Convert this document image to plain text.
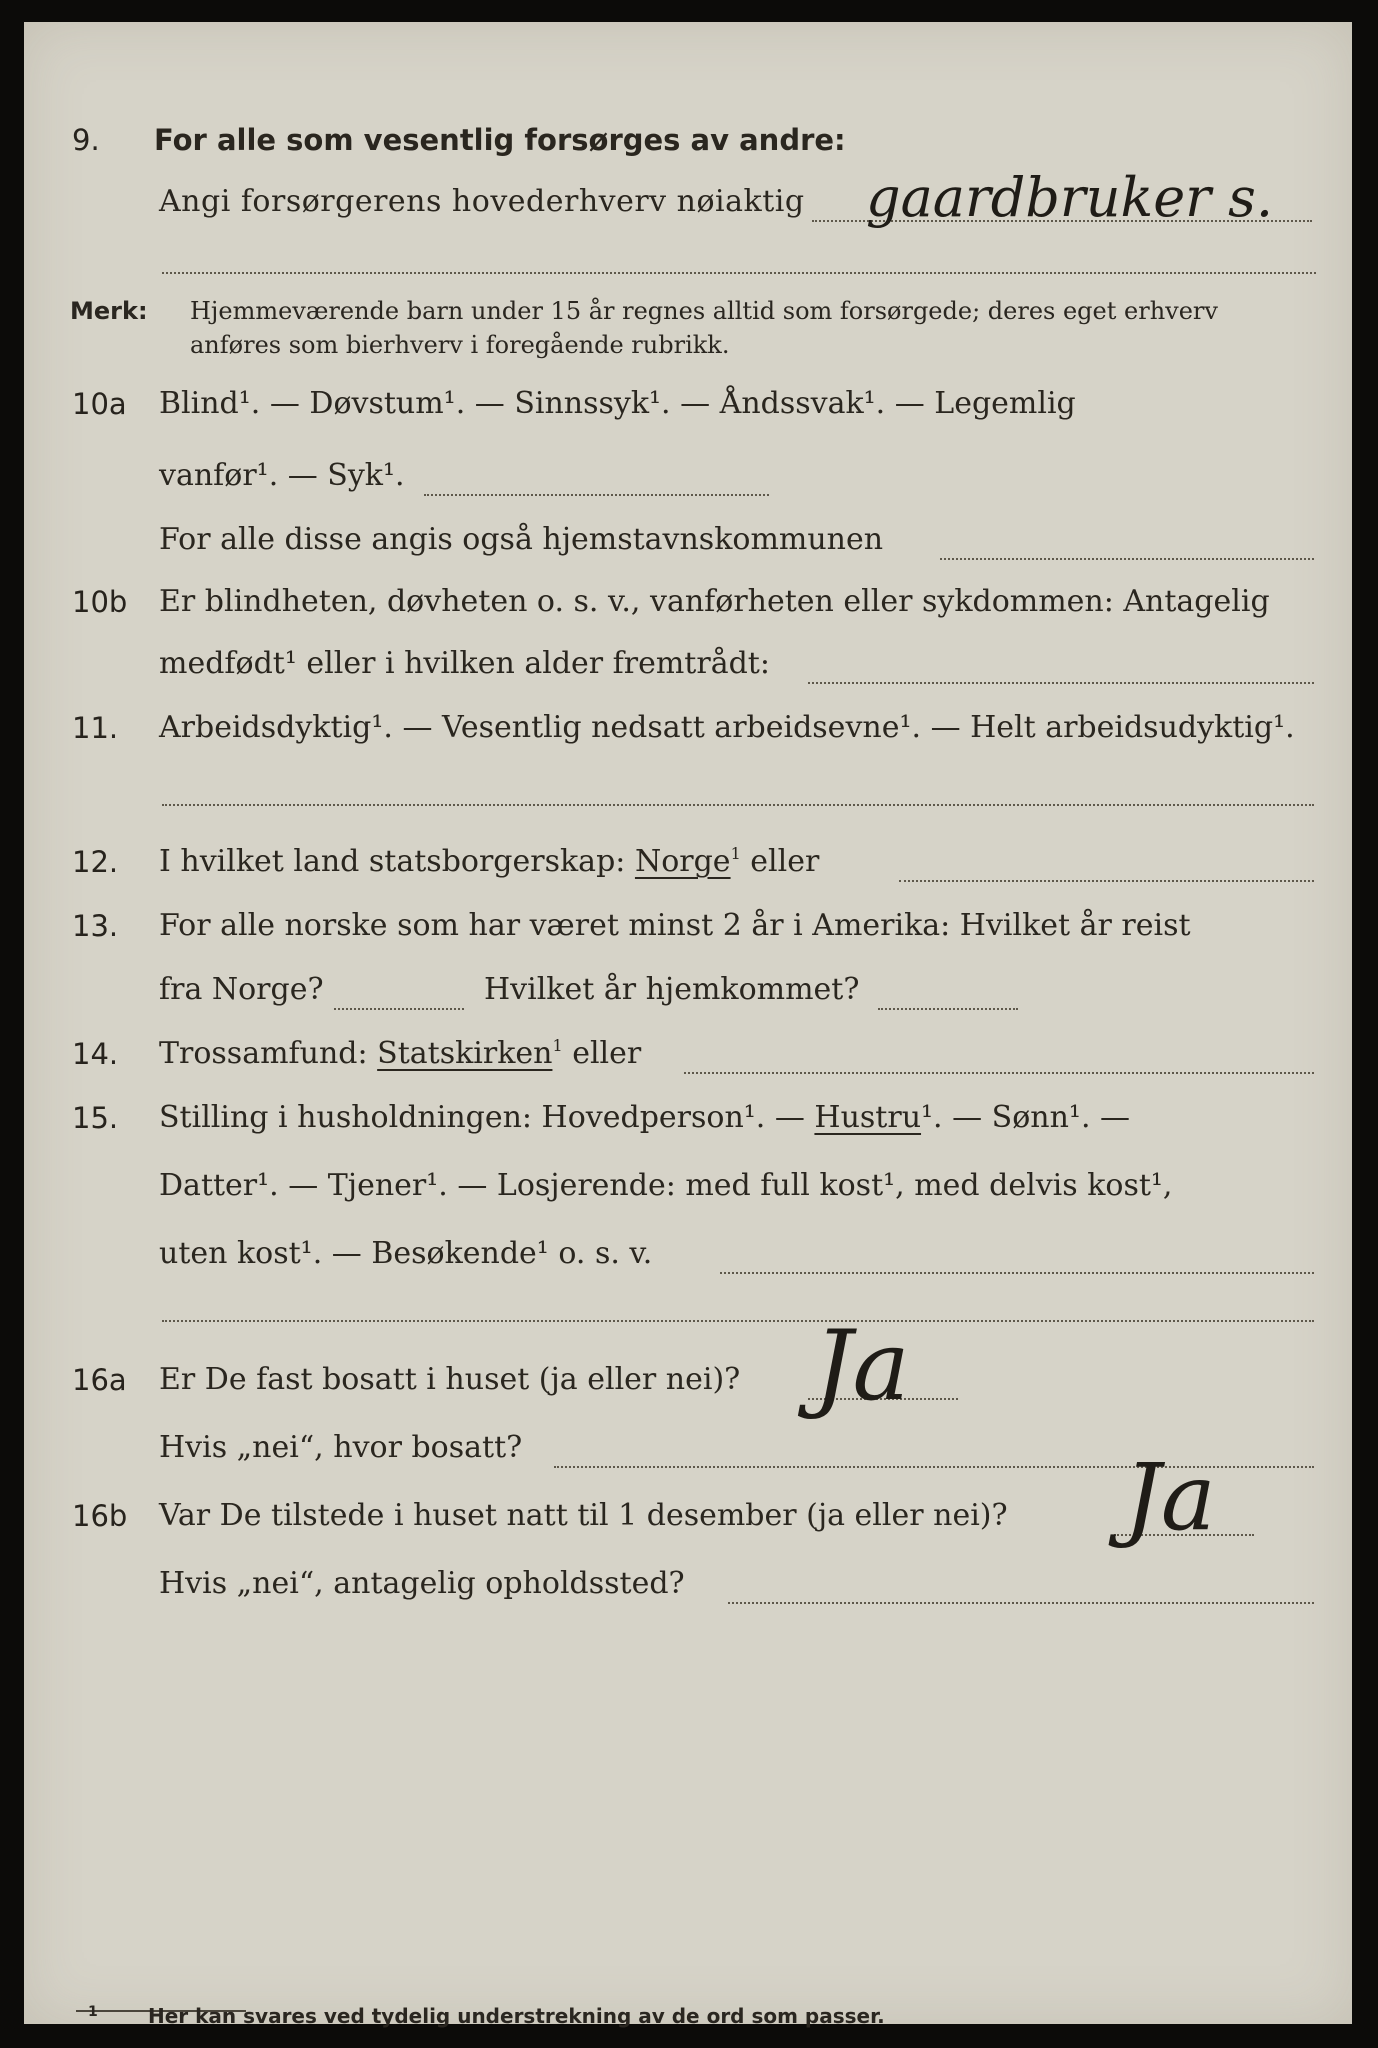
9. For alle som vesentlig forsørges av andre:
Angi forsørgerens hovederhverv nøiaktig gaardbruker s.
Merk: Hjemmeværende barn under 15 år regnes alltid som forsørgede; deres eget erhverv
anføres som bierhverv i foregående rubrikk.
10a Blind¹. — Døvstum¹. — Sinnssyk¹. — Åndssvak¹. — Legemlig
vanfør¹. — Syk¹.
For alle disse angis også hjemstavnskommunen
10b Er blindheten, døvheten o. s. v., vanførheten eller sykdommen: Antagelig
medfødt¹ eller i hvilken alder fremtrådt:
11. Arbeidsdyktig¹. — Vesentlig nedsatt arbeidsevne¹. — Helt arbeidsudyktig¹.
12. I hvilket land statsborgerskap: Norge$^1$ eller
13. For alle norske som har været minst 2 år i Amerika: Hvilket år reist
fra Norge?	Hvilket år hjemkommet?
14. Trossamfund: Statskirken$^1$ eller
15. Stilling i husholdningen: Hovedperson¹. — Hustru¹. — Sønn¹. —
Datter¹. — Tjener¹. — Losjerende: med full kost¹, med delvis kost¹,
uten kost¹. — Besøkende¹ o. s. v.
16a Er De fast bosatt i huset (ja eller nei)? Ja
Hvis „nei“, hvor bosatt?
16b Var De tilstede i huset natt til 1 desember (ja eller nei)? Ja
Hvis „nei“, antagelig opholdssted?
1	Her kan svares ved tydelig understrekning av de ord som passer.
